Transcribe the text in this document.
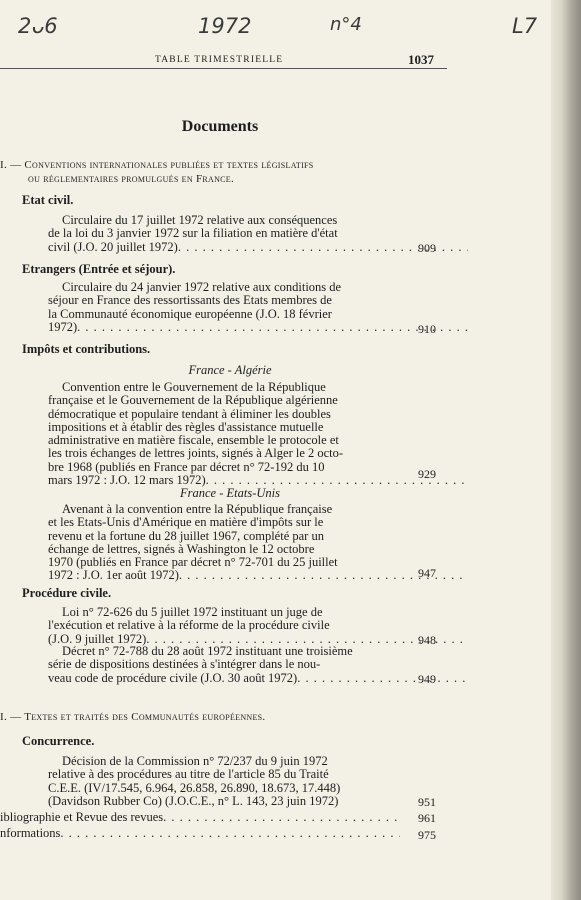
2ᴗ6	1972	n°4	L7
TABLE TRIMESTRIELLE	1037
Documents
I. — Conventions internationales publiées et textes législatifs
ou réglementaires promulgués en France.
Etat civil.
Circulaire du 17 juillet 1972 relative aux conséquences
de la loi du 3 janvier 1972 sur la filiation en matière d'état
civil (J.O. 20 juillet 1972) . . .	909
Etrangers (Entrée et séjour).
Circulaire du 24 janvier 1972 relative aux conditions de
séjour en France des ressortissants des Etats membres de
la Communauté économique européenne (J.O. 18 février
1972) . . .	910
Impôts et contributions.
France - Algérie
Convention entre le Gouvernement de la République
française et le Gouvernement de la République algérienne
démocratique et populaire tendant à éliminer les doubles
impositions et à établir des règles d'assistance mutuelle
administrative en matière fiscale, ensemble le protocole et
les trois échanges de lettres joints, signés à Alger le 2 octo-
bre 1968 (publiés en France par décret n° 72-192 du 10
mars 1972 : J.O. 12 mars 1972) . . .	929
France - Etats-Unis
Avenant à la convention entre la République française
et les Etats-Unis d'Amérique en matière d'impôts sur le
revenu et la fortune du 28 juillet 1967, complété par un
échange de lettres, signés à Washington le 12 octobre
1970 (publiés en France par décret n° 72-701 du 25 juillet
1972 : J.O. 1er août 1972) . . .	947
Procédure civile.
Loi n° 72-626 du 5 juillet 1972 instituant un juge de
l'exécution et relative à la réforme de la procédure civile
(J.O. 9 juillet 1972) . . .	948
Décret n° 72-788 du 28 août 1972 instituant une troisième
série de dispositions destinées à s'intégrer dans le nou-
veau code de procédure civile (J.O. 30 août 1972) . . .	949
I. — Textes et traités des Communautés européennes.
Concurrence.
Décision de la Commission n° 72/237 du 9 juin 1972
relative à des procédures au titre de l'article 85 du Traité
C.E.E. (IV/17.545, 6.964, 26.858, 26.890, 18.673, 17.448)
(Davidson Rubber Co) (J.O.C.E., n° L. 143, 23 juin 1972)	951
ibliographie et Revue des revues . . .	961
nformations . . .	975
